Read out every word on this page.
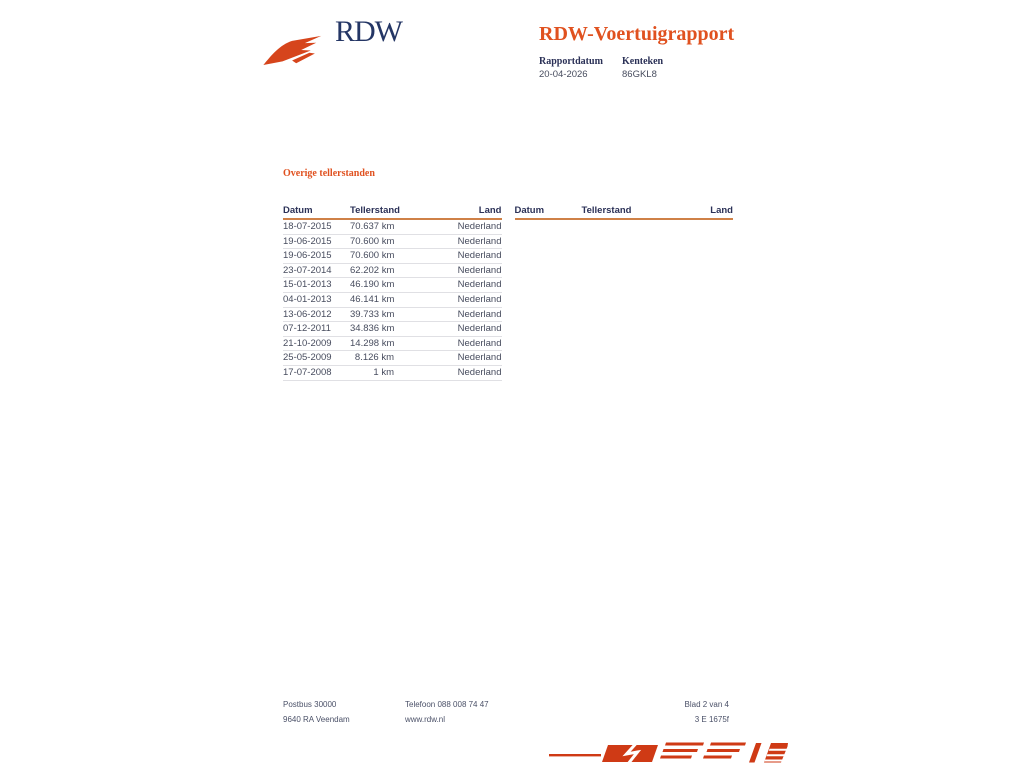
RDW	RDW-Voertuigrapport
Rapportdatum
20-04-2026
Kenteken
86GKL8
Overige tellerstanden
Datum	Tellerstand	Land
18-07-2015	70.637 km	Nederland
19-06-2015	70.600 km	Nederland
19-06-2015	70.600 km	Nederland
23-07-2014	62.202 km	Nederland
15-01-2013	46.190 km	Nederland
04-01-2013	46.141 km	Nederland
13-06-2012	39.733 km	Nederland
07-12-2011	34.836 km	Nederland
21-10-2009	14.298 km	Nederland
25-05-2009	8.126 km	Nederland
17-07-2008	1 km	Nederland
Datum	Tellerstand	Land
Postbus 30000
9640 RA Veendam
Telefoon 088 008 74 47
www.rdw.nl
Blad 2 van 4
3 E 1675f
